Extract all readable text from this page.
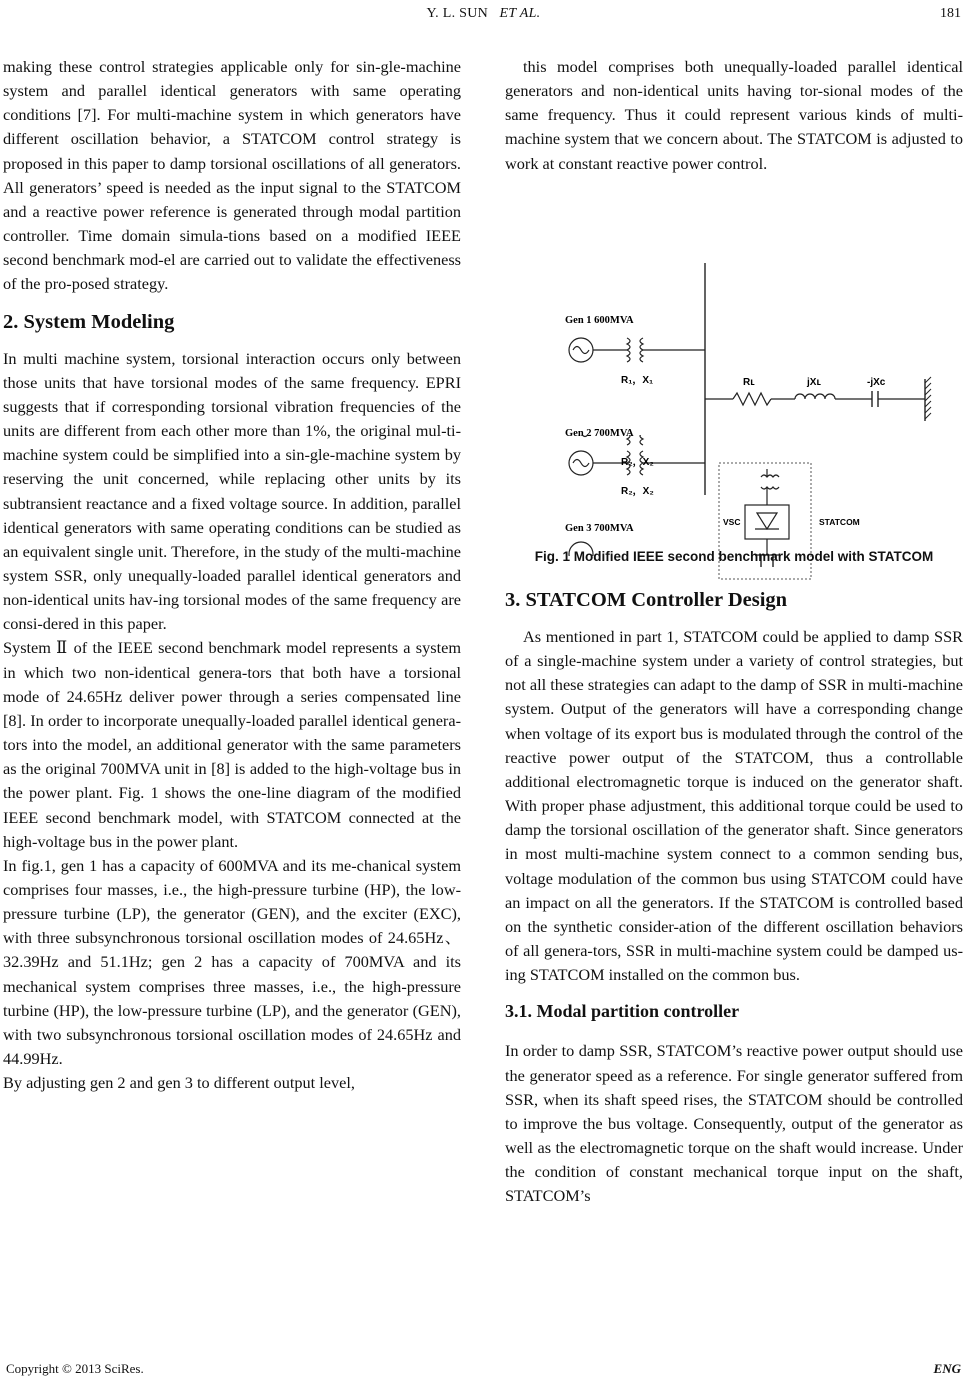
Y. L. SUN ET AL.	181

making these control strategies applicable only for sin-gle-machine system and parallel identical generators with same operating conditions [7]. For multi-machine system in which generators have different oscillation behavior, a STATCOM control strategy is proposed in this paper to damp torsional oscillations of all generators. All generators’ speed is needed as the input signal to the STATCOM and a reactive power reference is generated through modal partition controller. Time domain simula-tions based on a modified IEEE second benchmark mod-el are carried out to validate the effectiveness of the pro-posed strategy.

2. System Modeling

In multi machine system, torsional interaction occurs only between those units that have torsional modes of the same frequency. EPRI suggests that if corresponding torsional vibration frequencies of the units are different from each other more than 1%, the original mul-ti-machine system could be simplified into a sin-gle-machine system by reserving the unit concerned, while replacing other units by its subtransient reactance and a fixed voltage source. In addition, parallel identical generators with same operating conditions can be studied as an equivalent single unit. Therefore, in the study of the multi-machine system SSR, only unequally-loaded parallel identical generators and non-identical units hav-ing torsional modes of the same frequency are consi-dered in this paper.

System Ⅱ of the IEEE second benchmark model represents a system in which two non-identical genera-tors that both have a torsional mode of 24.65Hz deliver power through a series compensated line [8]. In order to incorporate unequally-loaded parallel identical genera-tors into the model, an additional generator with the same parameters as the original 700MVA unit in [8] is added to the high-voltage bus in the power plant. Fig. 1 shows the one-line diagram of the modified IEEE second benchmark model, with STATCOM connected at the high-voltage bus in the power plant.

In fig.1, gen 1 has a capacity of 600MVA and its me-chanical system comprises four masses, i.e., the high-pressure turbine (HP), the low-pressure turbine (LP), the generator (GEN), and the exciter (EXC), with three subsynchronous torsional oscillation modes of 24.65Hz、32.39Hz and 51.1Hz; gen 2 has a capacity of 700MVA and its mechanical system comprises three masses, i.e., the high-pressure turbine (HP), the low-pressure turbine (LP), and the generator (GEN), with two subsynchronous torsional oscillation modes of 24.65Hz and 44.99Hz.

By adjusting gen 2 and gen 3 to different output level,

this model comprises both unequally-loaded parallel identical generators and non-identical units having tor-sional modes of the same frequency. Thus it could represent various kinds of multi-machine system that we concern about. The STATCOM is adjusted to work at constant reactive power control.

Gen 1 600MVA
R₁，X₁
Gen 2 700MVA
R₂，X₂
Gen 3 700MVA
R₂，X₂
Rʟ	jXʟ	-jXᴄ
VSC	STATCOM
Fig. 1 Modified IEEE second benchmark model with STATCOM
3. STATCOM Controller Design

As mentioned in part 1, STATCOM could be applied to damp SSR of a single-machine system under a variety of control strategies, but not all these strategies can adapt to the damp of SSR in multi-machine system. Output of the generators will have a corresponding change when voltage of its export bus is modulated through the control of the reactive power output of the STATCOM, thus a controllable additional electromagnetic torque is induced on the generator shaft. With proper phase adjustment, this additional torque could be used to damp the torsional oscillation of the generator shaft. Since generators in most multi-machine system connect to a common sending bus, voltage modulation of the common bus using STATCOM could have an impact on all the generators. If the STATCOM is controlled based on the synthetic consider-ation of the different oscillation behaviors of all genera-tors, SSR in multi-machine system could be damped us-ing STATCOM installed on the common bus.

3.1. Modal partition controller

In order to damp SSR, STATCOM’s reactive power output should use the generator speed as a reference. For single generator suffered from SSR, when its shaft speed rises, the STATCOM should be controlled to improve the bus voltage. Consequently, output of the generator as well as the electromagnetic torque on the shaft would increase. Under the condition of constant mechanical torque input on the shaft, STATCOM’s

Copyright © 2013 SciRes.	ENG
